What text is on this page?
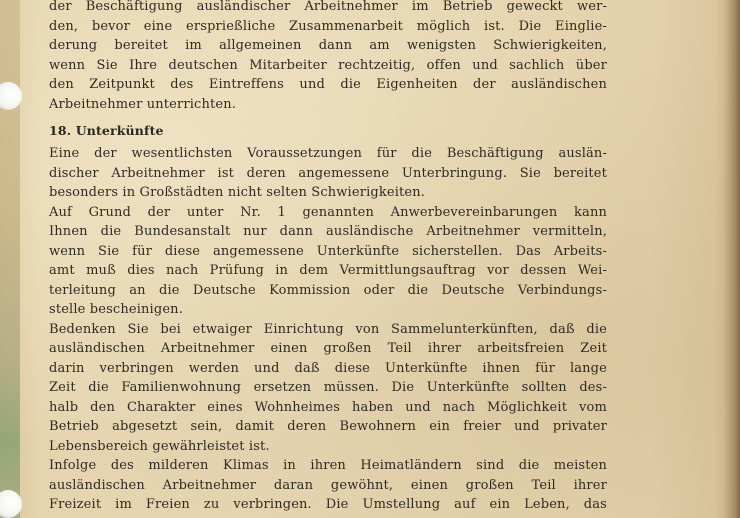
der Beschäftigung ausländischer Arbeitnehmer im Betrieb geweckt wer-
den, bevor eine ersprießliche Zusammenarbeit möglich ist. Die Einglie-
derung bereitet im allgemeinen dann am wenigsten Schwierigkeiten,
wenn Sie Ihre deutschen Mitarbeiter rechtzeitig, offen und sachlich über
den Zeitpunkt des Eintreffens und die Eigenheiten der ausländischen
Arbeitnehmer unterrichten.

18. Unterkünfte

Eine der wesentlichsten Voraussetzungen für die Beschäftigung auslän-
discher Arbeitnehmer ist deren angemessene Unterbringung. Sie bereitet
besonders in Großstädten nicht selten Schwierigkeiten.

Auf Grund der unter Nr. 1 genannten Anwerbevereinbarungen kann
Ihnen die Bundesanstalt nur dann ausländische Arbeitnehmer vermitteln,
wenn Sie für diese angemessene Unterkünfte sicherstellen. Das Arbeits-
amt muß dies nach Prüfung in dem Vermittlungsauftrag vor dessen Wei-
terleitung an die Deutsche Kommission oder die Deutsche Verbindungs-
stelle bescheinigen.

Bedenken Sie bei etwaiger Einrichtung von Sammelunterkünften, daß die
ausländischen Arbeitnehmer einen großen Teil ihrer arbeitsfreien Zeit
darin verbringen werden und daß diese Unterkünfte ihnen für lange
Zeit die Familienwohnung ersetzen müssen. Die Unterkünfte sollten des-
halb den Charakter eines Wohnheimes haben und nach Möglichkeit vom
Betrieb abgesetzt sein, damit deren Bewohnern ein freier und privater
Lebensbereich gewährleistet ist.

Infolge des milderen Klimas in ihren Heimatländern sind die meisten
ausländischen Arbeitnehmer daran gewöhnt, einen großen Teil ihrer
Freizeit im Freien zu verbringen. Die Umstellung auf ein Leben, das
